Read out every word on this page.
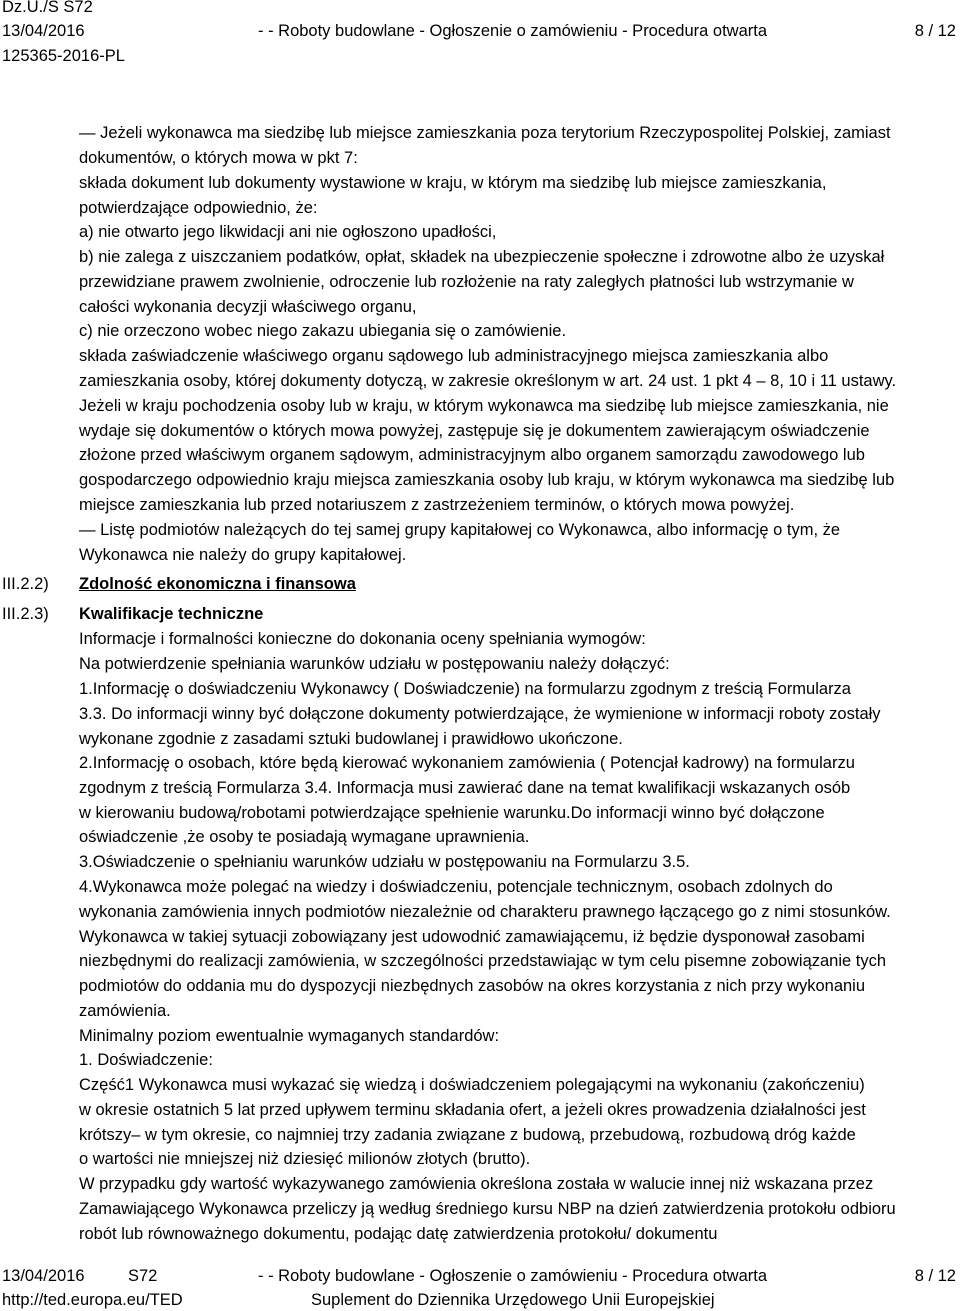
Dz.U./S S72
13/04/2016	- - Roboty budowlane - Ogłoszenie o zamówieniu - Procedura otwarta	8 / 12
125365-2016-PL
III.2.2)
III.2.3)
— Jeżeli wykonawca ma siedzibę lub miejsce zamieszkania poza terytorium Rzeczypospolitej Polskiej, zamiast
dokumentów, o których mowa w pkt 7:
składa dokument lub dokumenty wystawione w kraju, w którym ma siedzibę lub miejsce zamieszkania,
potwierdzające odpowiednio, że:
a) nie otwarto jego likwidacji ani nie ogłoszono upadłości,
b) nie zalega z uiszczaniem podatków, opłat, składek na ubezpieczenie społeczne i zdrowotne albo że uzyskał
przewidziane prawem zwolnienie, odroczenie lub rozłożenie na raty zaległych płatności lub wstrzymanie w
całości wykonania decyzji właściwego organu,
c) nie orzeczono wobec niego zakazu ubiegania się o zamówienie.
składa zaświadczenie właściwego organu sądowego lub administracyjnego miejsca zamieszkania albo
zamieszkania osoby, której dokumenty dotyczą, w zakresie określonym w art. 24 ust. 1 pkt 4 – 8, 10 i 11 ustawy.
Jeżeli w kraju pochodzenia osoby lub w kraju, w którym wykonawca ma siedzibę lub miejsce zamieszkania, nie
wydaje się dokumentów o których mowa powyżej, zastępuje się je dokumentem zawierającym oświadczenie
złożone przed właściwym organem sądowym, administracyjnym albo organem samorządu zawodowego lub
gospodarczego odpowiednio kraju miejsca zamieszkania osoby lub kraju, w którym wykonawca ma siedzibę lub
miejsce zamieszkania lub przed notariuszem z zastrzeżeniem terminów, o których mowa powyżej.
— Listę podmiotów należących do tej samej grupy kapitałowej co Wykonawca, albo informację o tym, że
Wykonawca nie należy do grupy kapitałowej.
Zdolność ekonomiczna i finansowa
Kwalifikacje techniczne
Informacje i formalności konieczne do dokonania oceny spełniania wymogów:
Na potwierdzenie spełniania warunków udziału w postępowaniu należy dołączyć:
1.Informację o doświadczeniu Wykonawcy ( Doświadczenie) na formularzu zgodnym z treścią Formularza
3.3. Do informacji winny być dołączone dokumenty potwierdzające, że wymienione w informacji roboty zostały
wykonane zgodnie z zasadami sztuki budowlanej i prawidłowo ukończone.
2.Informację o osobach, które będą kierować wykonaniem zamówienia ( Potencjał kadrowy) na formularzu
zgodnym z treścią Formularza 3.4. Informacja musi zawierać dane na temat kwalifikacji wskazanych osób
w kierowaniu budową/robotami potwierdzające spełnienie warunku.Do informacji winno być dołączone
oświadczenie ,że osoby te posiadają wymagane uprawnienia.
3.Oświadczenie o spełnianiu warunków udziału w postępowaniu na Formularzu 3.5.
4.Wykonawca może polegać na wiedzy i doświadczeniu, potencjale technicznym, osobach zdolnych do
wykonania zamówienia innych podmiotów niezależnie od charakteru prawnego łączącego go z nimi stosunków.
Wykonawca w takiej sytuacji zobowiązany jest udowodnić zamawiającemu, iż będzie dysponował zasobami
niezbędnymi do realizacji zamówienia, w szczególności przedstawiając w tym celu pisemne zobowiązanie tych
podmiotów do oddania mu do dyspozycji niezbędnych zasobów na okres korzystania z nich przy wykonaniu
zamówienia.
Minimalny poziom ewentualnie wymaganych standardów:
1. Doświadczenie:
Część1 Wykonawca musi wykazać się wiedzą i doświadczeniem polegającymi na wykonaniu (zakończeniu)
w okresie ostatnich 5 lat przed upływem terminu składania ofert, a jeżeli okres prowadzenia działalności jest
krótszy– w tym okresie, co najmniej trzy zadania związane z budową, przebudową, rozbudową dróg każde
o wartości nie mniejszej niż dziesięć milionów złotych (brutto).
W przypadku gdy wartość wykazywanego zamówienia określona została w walucie innej niż wskazana przez
Zamawiającego Wykonawca przeliczy ją według średniego kursu NBP na dzień zatwierdzenia protokołu odbioru
robót lub równoważnego dokumentu, podając datę zatwierdzenia protokołu/ dokumentu
13/04/2016	S72	- - Roboty budowlane - Ogłoszenie o zamówieniu - Procedura otwarta	8 / 12
http://ted.europa.eu/TED	Suplement do Dziennika Urzędowego Unii Europejskiej
